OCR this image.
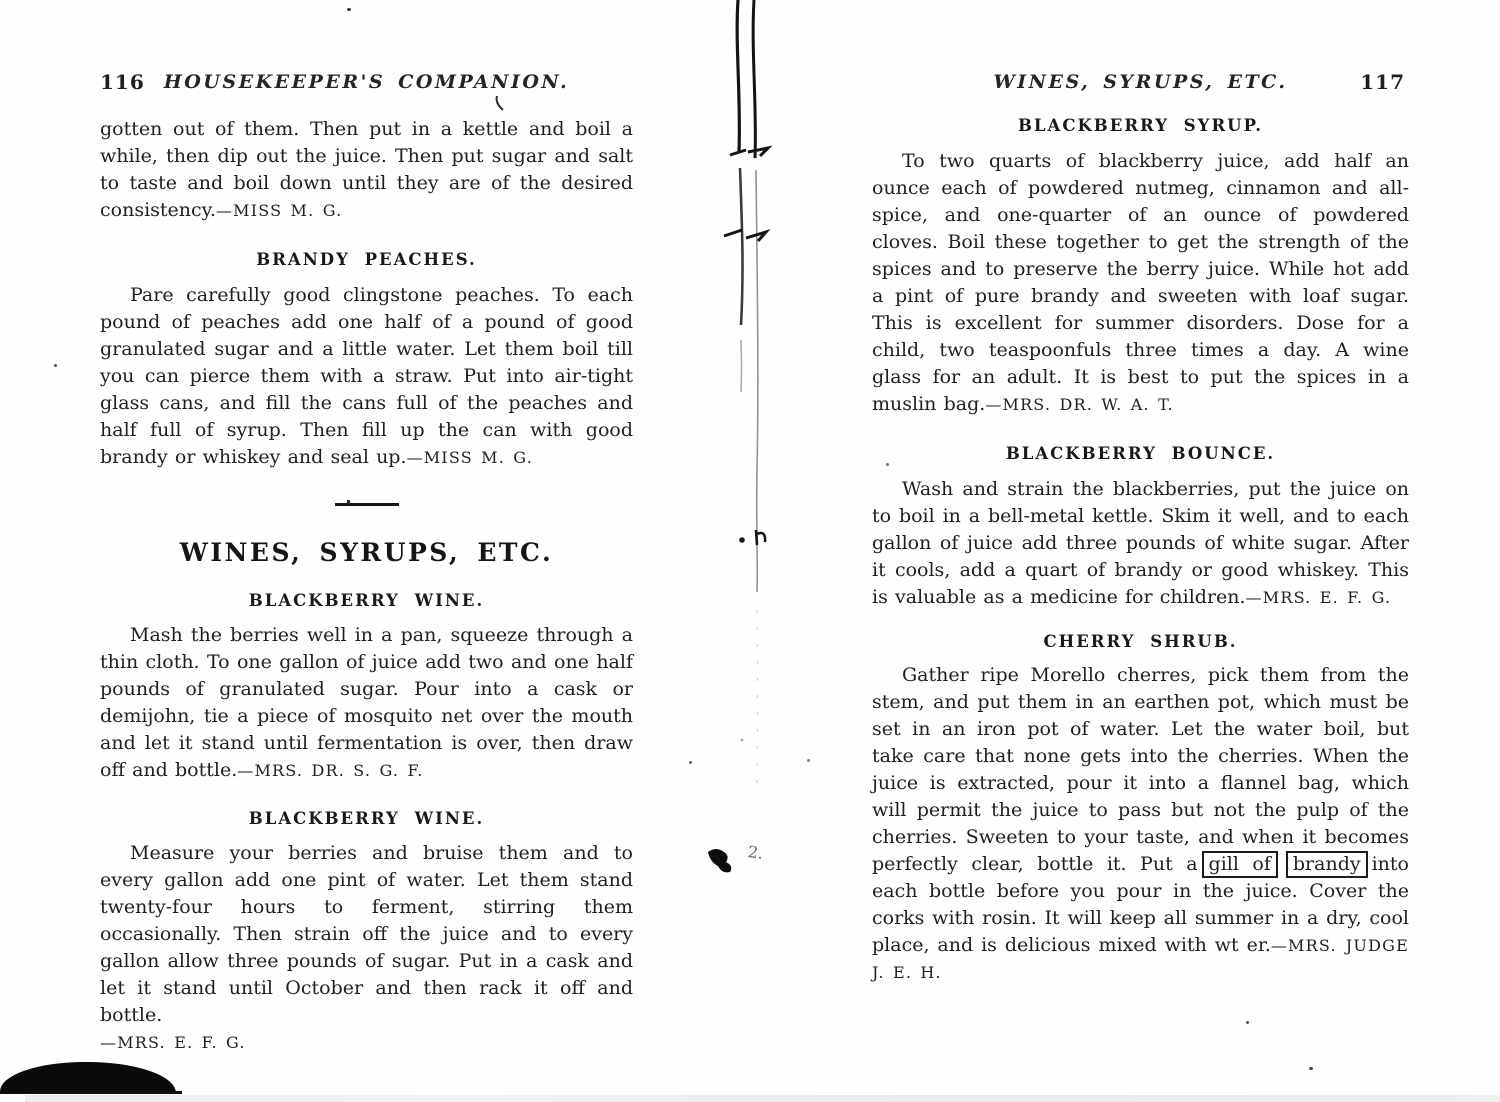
116	HOUSEKEEPER'S COMPANION.

gotten out of them. Then put in a kettle and boil a while, then dip out the juice. Then put sugar and salt to taste and boil down until they are of the desired consistency.—MISS M. G.

BRANDY PEACHES.

Pare carefully good clingstone peaches. To each pound of peaches add one half of a pound of good granulated sugar and a little water. Let them boil till you can pierce them with a straw. Put into air-tight glass cans, and fill the cans full of the peaches and half full of syrup. Then fill up the can with good brandy or whiskey and seal up.—MISS M. G.

WINES, SYRUPS, ETC.
BLACKBERRY WINE.

Mash the berries well in a pan, squeeze through a thin cloth. To one gallon of juice add two and one half pounds of granulated sugar. Pour into a cask or demijohn, tie a piece of mosquito net over the mouth and let it stand until fermentation is over, then draw off and bottle.—MRS. DR. S. G. F.

BLACKBERRY WINE.

Measure your berries and bruise them and to every gallon add one pint of water. Let them stand twenty-four hours to ferment, stirring them occasionally. Then strain off the juice and to every gallon allow three pounds of sugar. Put in a cask and let it stand until October and then rack it off and bottle.
—MRS. E. F. G.

WINES, SYRUPS, ETC.	117
BLACKBERRY SYRUP.

To two quarts of blackberry juice, add half an ounce each of powdered nutmeg, cinnamon and all-spice, and one-quarter of an ounce of powdered cloves. Boil these together to get the strength of the spices and to preserve the berry juice. While hot add a pint of pure brandy and sweeten with loaf sugar. This is excellent for summer disorders. Dose for a child, two teaspoonfuls three times a day. A wine glass for an adult. It is best to put the spices in a muslin bag.—MRS. DR. W. A. T.

BLACKBERRY BOUNCE.

Wash and strain the blackberries, put the juice on to boil in a bell-metal kettle. Skim it well, and to each gallon of juice add three pounds of white sugar. After it cools, add a quart of brandy or good whiskey. This is valuable as a medicine for children.—MRS. E. F. G.

CHERRY SHRUB.

Gather ripe Morello cherres, pick them from the stem, and put them in an earthen pot, which must be set in an iron pot of water. Let the water boil, but take care that none gets into the cherries. When the juice is extracted, pour it into a flannel bag, which will permit the juice to pass but not the pulp of the cherries. Sweeten to your taste, and when it becomes perfectly clear, bottle it. Put a gill of brandy into each bottle before you pour in the juice. Cover the corks with rosin. It will keep all summer in a dry, cool place, and is delicious mixed with wt er.—MRS. JUDGE J. E. H.

2.
